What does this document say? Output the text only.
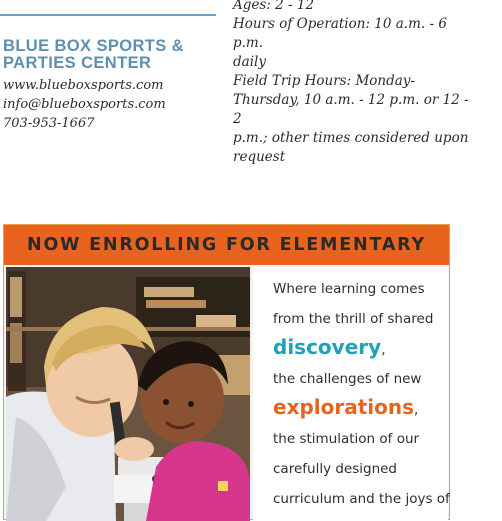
BLUE BOX SPORTS & PARTIES CENTER
www.blueboxsports.com
info@blueboxsports.com
703-953-1667
Ages: 2 - 12
Hours of Operation: 10 a.m. - 6 p.m.
daily
Field Trip Hours: Monday-
Thursday, 10 a.m. - 12 p.m. or 12 - 2
p.m.; other times considered upon
request
NOW ENROLLING FOR ELEMENTARY
Where learning comes
from the thrill of shared
discovery,
the challenges of new
explorations,
the stimulation of our
carefully designed
curriculum and the joys of
